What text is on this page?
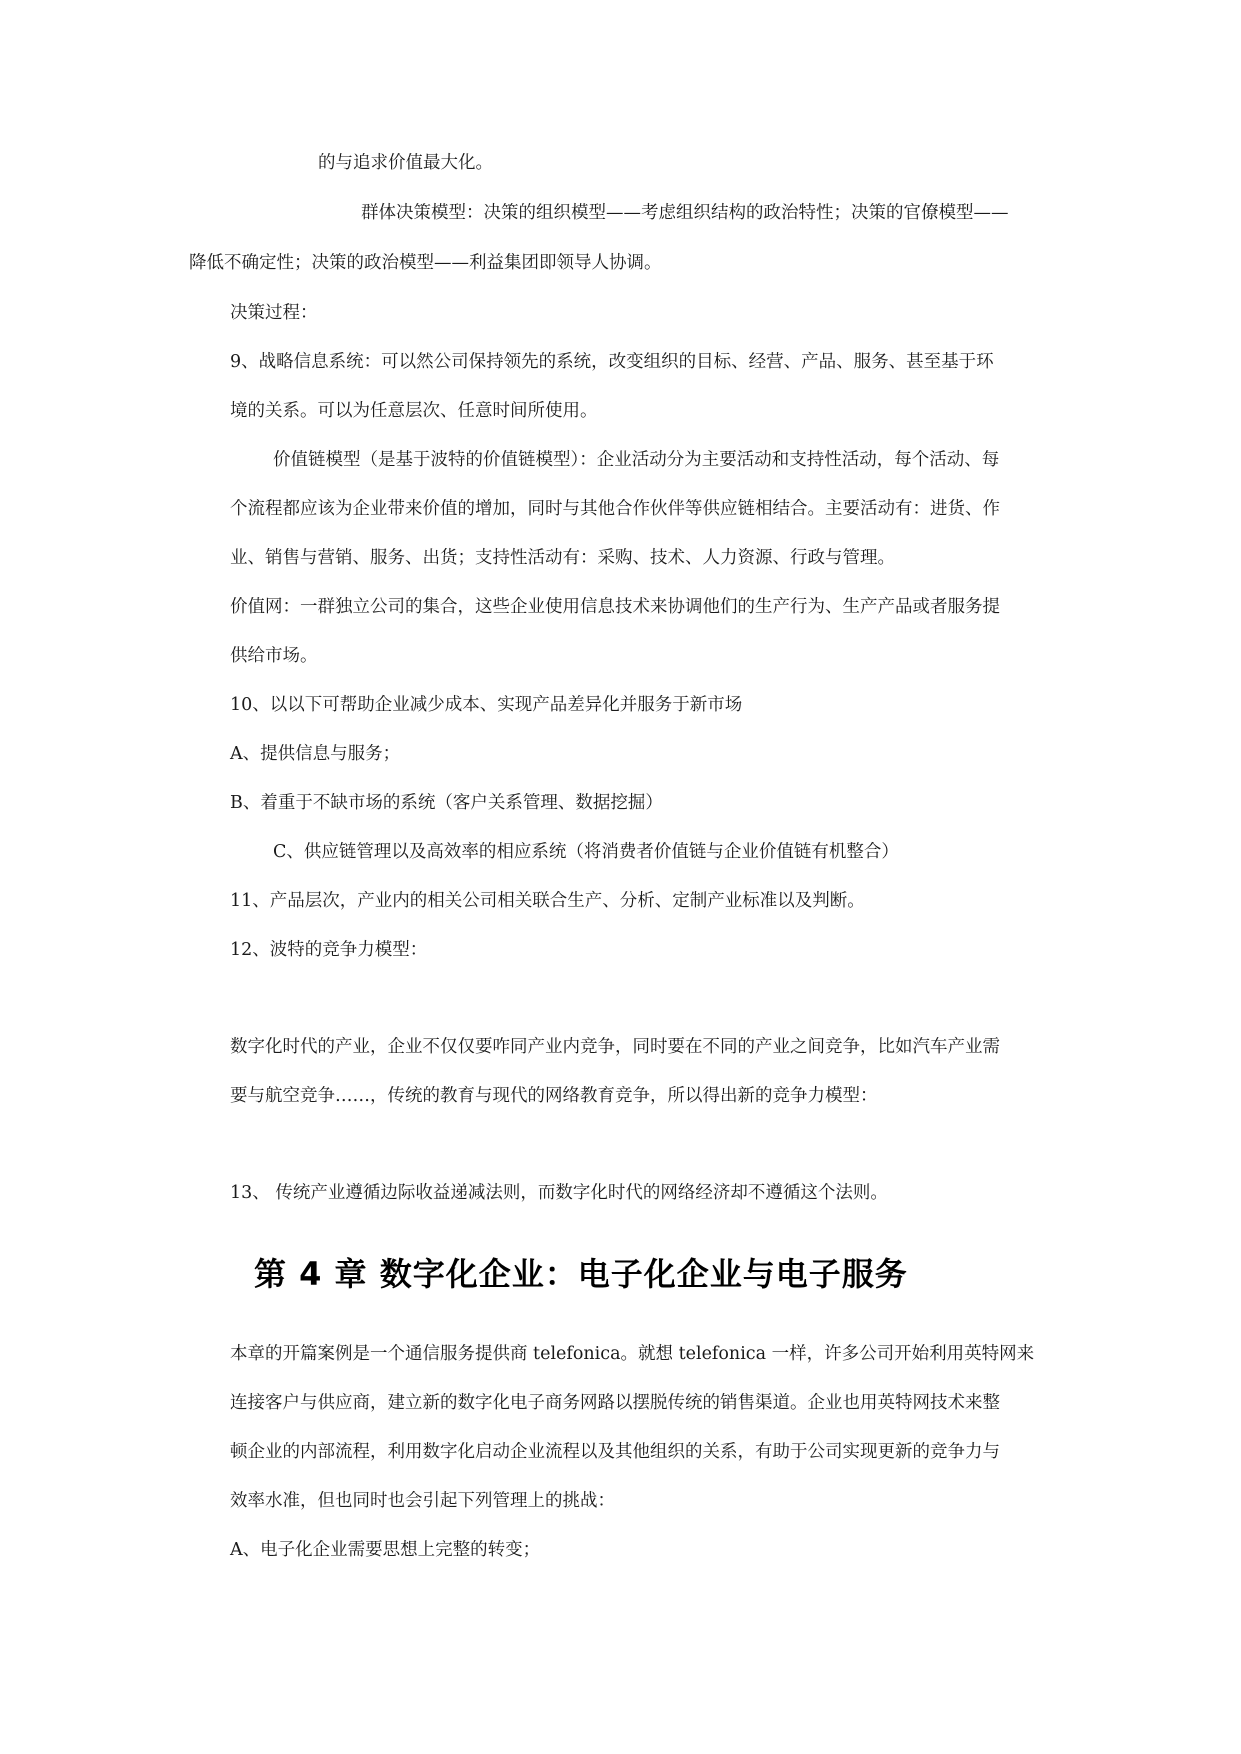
的与追求价值最大化。
群体决策模型：决策的组织模型——考虑组织结构的政治特性；决策的官僚模型——
降低不确定性；决策的政治模型——利益集团即领导人协调。
决策过程：
9、战略信息系统：可以然公司保持领先的系统，改变组织的目标、经营、产品、服务、甚至基于环
境的关系。可以为任意层次、任意时间所使用。
价值链模型（是基于波特的价值链模型）：企业活动分为主要活动和支持性活动，每个活动、每
个流程都应该为企业带来价值的增加，同时与其他合作伙伴等供应链相结合。主要活动有：进货、作
业、销售与营销、服务、出货；支持性活动有：采购、技术、人力资源、行政与管理。
价值网：一群独立公司的集合，这些企业使用信息技术来协调他们的生产行为、生产产品或者服务提
供给市场。
10、以以下可帮助企业减少成本、实现产品差异化并服务于新市场
A、提供信息与服务；
B、着重于不缺市场的系统（客户关系管理、数据挖掘）
C、供应链管理以及高效率的相应系统（将消费者价值链与企业价值链有机整合）
11、产品层次，产业内的相关公司相关联合生产、分析、定制产业标准以及判断。
12、波特的竞争力模型：
数字化时代的产业，企业不仅仅要咋同产业内竞争，同时要在不同的产业之间竞争，比如汽车产业需
要与航空竞争……，传统的教育与现代的网络教育竞争，所以得出新的竞争力模型：
13、 传统产业遵循边际收益递减法则，而数字化时代的网络经济却不遵循这个法则。
第 4 章 数字化企业：电子化企业与电子服务
本章的开篇案例是一个通信服务提供商 telefonica。就想 telefonica 一样，许多公司开始利用英特网来
连接客户与供应商，建立新的数字化电子商务网路以摆脱传统的销售渠道。企业也用英特网技术来整
顿企业的内部流程，利用数字化启动企业流程以及其他组织的关系，有助于公司实现更新的竞争力与
效率水准，但也同时也会引起下列管理上的挑战：
A、电子化企业需要思想上完整的转变；
